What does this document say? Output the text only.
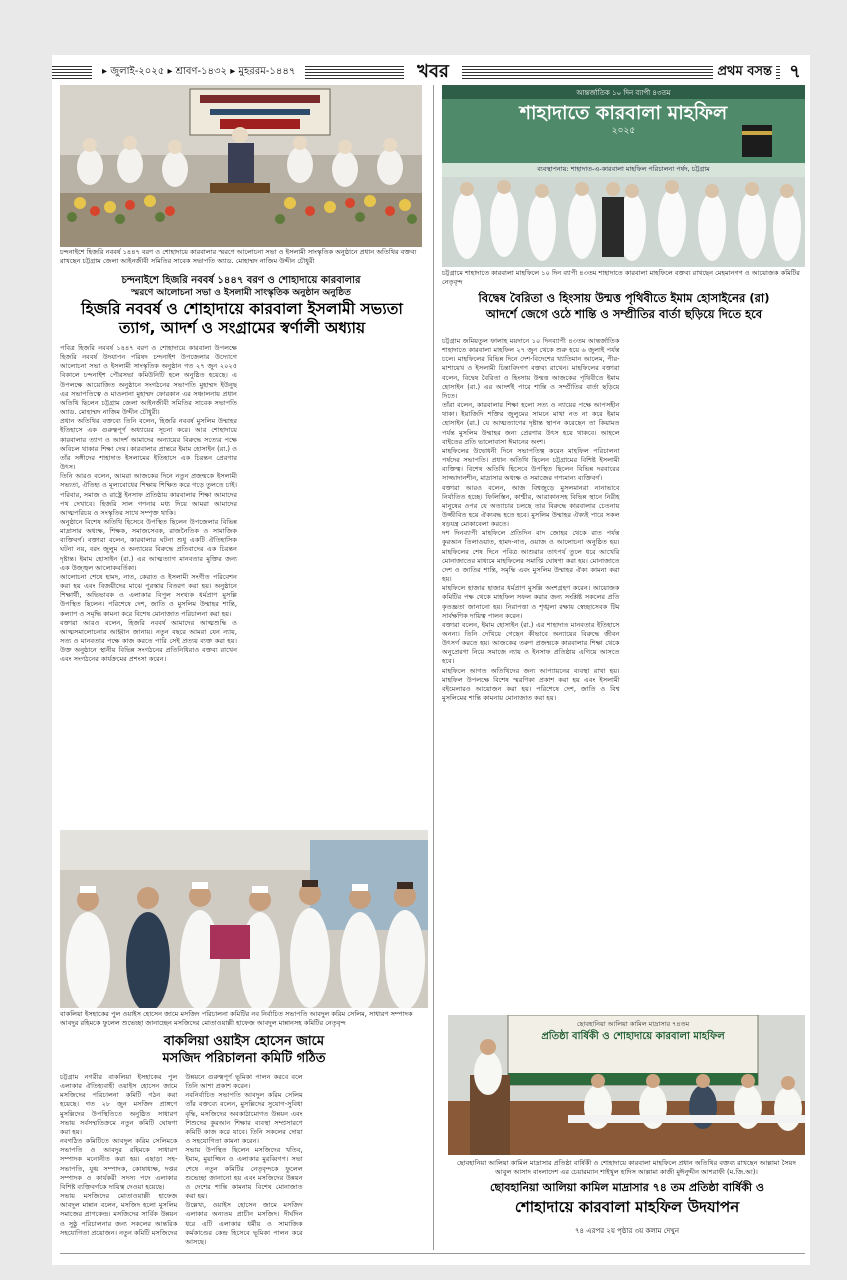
▸ জুলাই-২০২৫ ▸ শ্রাবণ-১৪৩২ ▸ মুহররম-১৪৪৭	খবর	প্রথম বসন্ত ৭
চন্দনাইশে হিজরি নববর্ষ ১৪৪৭ বরণ ও শোহাদায়ে কারবালার স্মরণে আলোচনা সভা ও ইসলামী সাংস্কৃতিক অনুষ্ঠানে প্রধান অতিথির বক্তব্য রাখছেন চট্টগ্রাম জেলা আইনজীবী সমিতির সাবেক সভাপতি অ্যাড. মোহাম্মদ নাজিম উদ্দীন চৌধুরী
চন্দনাইশে হিজরি নববর্ষ ১৪৪৭ বরণ ও শোহাদায়ে কারবালার
স্মরণে আলোচনা সভা ও ইসলামী সাংস্কৃতিক অনুষ্ঠান অনুষ্ঠিত
হিজরি নববর্ষ ও শোহাদায়ে কারবালা ইসলামী সভ্যতা
ত্যাগ, আদর্শ ও সংগ্রামের স্বর্ণালী অধ্যায়

পবিত্র হিজরি নববর্ষ ১৪৪৭ বরণ ও শোহাদায়ে কারবালা উপলক্ষে হিজরি নববর্ষ উদযাপন পরিষদ চন্দনাইশ উপজেলার উদ্যোগে আলোচনা সভা ও ইসলামী সাংস্কৃতিক অনুষ্ঠান গত ২৭ জুন ২০২৫ বিকালে চন্দনাইশ পৌরসভা কমিউনিটি হলে অনুষ্ঠিত হয়েছে। এ উপলক্ষে আয়োজিত অনুষ্ঠানে সংগঠনের সভাপতি মুহাম্মদ ইউনুছ এর সভাপতিত্বে ও মাওলানা মুহাম্মদ ফোরকান এর সঞ্চালনায় প্রধান অতিথি ছিলেন চট্টগ্রাম জেলা আইনজীবী সমিতির সাবেক সভাপতি অ্যাড. মোহাম্মদ নাজিম উদ্দীন চৌধুরী।

প্রধান অতিথির বক্তব্যে তিনি বলেন, হিজরি নববর্ষ মুসলিম উম্মাহর ইতিহাসে এক গুরুত্বপূর্ণ অধ্যায়ের সূচনা করে। আর শোহাদায়ে কারবালার ত্যাগ ও আদর্শ আমাদের অন্যায়ের বিরুদ্ধে সত্যের পক্ষে অবিচল থাকার শিক্ষা দেয়। কারবালার প্রান্তরে ইমাম হোসাইন (রা.) ও তাঁর সঙ্গীদের শাহাদাত ইসলামের ইতিহাসে এক চিরন্তন প্রেরণার উৎস।

তিনি আরও বলেন, আমরা আজকের দিনে নতুন প্রজন্মকে ইসলামী সভ্যতা, ঐতিহ্য ও মূল্যবোধের শিক্ষায় শিক্ষিত করে গড়ে তুলতে চাই। পরিবার, সমাজ ও রাষ্ট্রে ইনসাফ প্রতিষ্ঠায় কারবালার শিক্ষা আমাদের পথ দেখাবে। হিজরি সাল গণনার মধ্য দিয়ে আমরা আমাদের আত্মপরিচয় ও সংস্কৃতির সাথে সম্পৃক্ত থাকি।

অনুষ্ঠানে বিশেষ অতিথি হিসেবে উপস্থিত ছিলেন উপজেলার বিভিন্ন মাদ্রাসার অধ্যক্ষ, শিক্ষক, সমাজসেবক, রাজনৈতিক ও সামাজিক ব্যক্তিবর্গ। বক্তারা বলেন, কারবালার ঘটনা শুধু একটি ঐতিহাসিক ঘটনা নয়, বরং জুলুম ও অন্যায়ের বিরুদ্ধে প্রতিবাদের এক চিরন্তন দৃষ্টান্ত। ইমাম হোসাইন (রা.) এর আত্মত্যাগ মানবতার মুক্তির জন্য এক উজ্জ্বল আলোকবর্তিকা।

আলোচনা শেষে হামদ, নাত, কেরাত ও ইসলামী সংগীত পরিবেশন করা হয় এবং বিজয়ীদের মাঝে পুরস্কার বিতরণ করা হয়। অনুষ্ঠানে শিক্ষার্থী, অভিভাবক ও এলাকার বিপুল সংখ্যক ধর্মপ্রাণ মুসল্লি উপস্থিত ছিলেন। পরিশেষে দেশ, জাতি ও মুসলিম উম্মাহর শান্তি, কল্যাণ ও সমৃদ্ধি কামনা করে বিশেষ মোনাজাত পরিচালনা করা হয়।

বক্তারা আরও বলেন, হিজরি নববর্ষ আমাদের আত্মশুদ্ধি ও আত্মসমালোচনার আহ্বান জানায়। নতুন বছরে আমরা যেন ন্যায়, সত্য ও মানবতার পক্ষে কাজ করতে পারি সেই প্রত্যয় ব্যক্ত করা হয়। উক্ত অনুষ্ঠানে স্থানীয় বিভিন্ন সংগঠনের প্রতিনিধিরাও বক্তব্য রাখেন এবং সংগঠনের কার্যক্রমের প্রশংসা করেন।

আন্তর্জাতিক ১০ দিন ব্যাপী ৪৩তম
শাহাদাতে কারবালা মাহফিল
২০২৫
ব্যবস্থাপনায়: শাহাদাত-এ-কারবালা মাহফিল পরিচালনা পর্ষদ, চট্টগ্রাম
চট্টগ্রামে শাহাদাতে কারবালা মাহফিলে ১০ দিন ব্যাপী ৪৩তম শাহাদাতে কারবালা মাহফিলে বক্তব্য রাখছেন মেহমানগণ ও আয়োজক কমিটির নেতৃবৃন্দ
বিদ্বেষ বৈরিতা ও হিংসায় উন্মত্ত পৃথিবীতে ইমাম হোসাইনের (রা)
আদর্শে জেগে ওঠে শান্তি ও সম্প্রীতির বার্তা ছড়িয়ে দিতে হবে

চট্টগ্রাম জমিয়তুল ফালাহ ময়দানে ১০ দিনব্যাপী ৪৩তম আন্তর্জাতিক শাহাদাতে কারবালা মাহফিল ২৭ জুন থেকে শুরু হয়ে ৬ জুলাই পর্যন্ত চলে। মাহফিলের বিভিন্ন দিনে দেশ-বিদেশের খ্যাতিমান আলেম, পীর-মাশায়েখ ও ইসলামী চিন্তাবিদগণ বক্তব্য রাখেন। মাহফিলের বক্তারা বলেন, বিদ্বেষ বৈরিতা ও হিংসায় উন্মত্ত আজকের পৃথিবীতে ইমাম হোসাইন (রা.) এর আদর্শই পারে শান্তি ও সম্প্রীতির বার্তা ছড়িয়ে দিতে।

তাঁরা বলেন, কারবালার শিক্ষা হলো সত্য ও ন্যায়ের পক্ষে আপসহীন থাকা। ইয়াজিদি শক্তির জুলুমের সামনে মাথা নত না করে ইমাম হোসাইন (রা.) যে আত্মত্যাগের দৃষ্টান্ত স্থাপন করেছেন তা কিয়ামত পর্যন্ত মুসলিম উম্মাহর জন্য প্রেরণার উৎস হয়ে থাকবে। আহলে বাইতের প্রতি ভালোবাসা ঈমানের অংশ।

মাহফিলের উদ্বোধনী দিনে সভাপতিত্ব করেন মাহফিল পরিচালনা পর্ষদের সভাপতি। প্রধান অতিথি ছিলেন চট্টগ্রামের বিশিষ্ট ইসলামী ব্যক্তিত্ব। বিশেষ অতিথি হিসেবে উপস্থিত ছিলেন বিভিন্ন দরবারের সাজ্জাদানশীন, মাদ্রাসার অধ্যক্ষ ও সমাজের গণ্যমান্য ব্যক্তিবর্গ।

বক্তারা আরও বলেন, আজ বিশ্বজুড়ে মুসলমানরা নানাভাবে নির্যাতিত হচ্ছে। ফিলিস্তিন, কাশ্মীর, আরাকানসহ বিভিন্ন স্থানে নিরীহ মানুষের ওপর যে অত্যাচার চলছে তার বিরুদ্ধে কারবালার চেতনায় উজ্জীবিত হয়ে ঐক্যবদ্ধ হতে হবে। মুসলিম উম্মাহর ঐক্যই পারে সকল ষড়যন্ত্র মোকাবেলা করতে।

দশ দিনব্যাপী মাহফিলে প্রতিদিন বাদ জোহর থেকে রাত পর্যন্ত কুরআন তিলাওয়াত, হামদ-নাত, ওয়াজ ও আলোচনা অনুষ্ঠিত হয়। মাহফিলের শেষ দিনে পবিত্র আশুরার তাৎপর্য তুলে ধরে আখেরি মোনাজাতের মাধ্যমে মাহফিলের সমাপ্তি ঘোষণা করা হয়। মোনাজাতে দেশ ও জাতির শান্তি, সমৃদ্ধি এবং মুসলিম উম্মাহর ঐক্য কামনা করা হয়।

মাহফিলে হাজার হাজার ধর্মপ্রাণ মুসল্লি অংশগ্রহণ করেন। আয়োজক কমিটির পক্ষ থেকে মাহফিল সফল করার জন্য সংশ্লিষ্ট সকলের প্রতি কৃতজ্ঞতা জানানো হয়। নিরাপত্তা ও শৃঙ্খলা রক্ষায় স্বেচ্ছাসেবক টিম সার্বক্ষণিক দায়িত্ব পালন করেন।

বক্তারা বলেন, ইমাম হোসাইন (রা.) এর শাহাদাত মানবতার ইতিহাসে অনন্য। তিনি দেখিয়ে গেছেন কীভাবে অন্যায়ের বিরুদ্ধে জীবন উৎসর্গ করতে হয়। আজকের তরুণ প্রজন্মকে কারবালার শিক্ষা থেকে অনুপ্রেরণা নিয়ে সমাজে ন্যায় ও ইনসাফ প্রতিষ্ঠায় এগিয়ে আসতে হবে।

মাহফিলে আগত অতিথিদের জন্য আপ্যায়নের ব্যবস্থা রাখা হয়। মাহফিল উপলক্ষে বিশেষ স্মরণিকা প্রকাশ করা হয় এবং ইসলামী বইমেলারও আয়োজন করা হয়। পরিশেষে দেশ, জাতি ও বিশ্ব মুসলিমের শান্তি কামনায় মোনাজাত করা হয়।

বাকলিয়া ইসহাকের পুল ওয়াইস হোসেন জামে মসজিদ পরিচালনা কমিটির নব নির্বাচিত সভাপতি আবদুল করিম সেলিম, সাধারণ সম্পাদক আবদুর রহিমকে ফুলেল শুভেচ্ছা জানাচ্ছেন মসজিদের মোতাওয়াল্লী হাফেজ আবদুল মান্নানসহ কমিটির নেতৃবৃন্দ
বাকলিয়া ওয়াইস হোসেন জামে
মসজিদ পরিচালনা কমিটি গঠিত

চট্টগ্রাম নগরীর বাকলিয়া ইসহাকের পুল এলাকার ঐতিহ্যবাহী ওয়াইস হোসেন জামে মসজিদের পরিচালনা কমিটি গঠন করা হয়েছে। গত ২৮ জুন মসজিদ প্রাঙ্গণে মুসল্লিদের উপস্থিতিতে অনুষ্ঠিত সাধারণ সভায় সর্বসম্মতিক্রমে নতুন কমিটি ঘোষণা করা হয়।

নবগঠিত কমিটিতে আবদুল করিম সেলিমকে সভাপতি ও আবদুর রহিমকে সাধারণ সম্পাদক মনোনীত করা হয়। এছাড়া সহ-সভাপতি, যুগ্ম সম্পাদক, কোষাধ্যক্ষ, দপ্তর সম্পাদক ও কার্যকরী সদস্য পদে এলাকার বিশিষ্ট ব্যক্তিবর্গকে দায়িত্ব দেওয়া হয়েছে।

সভায় মসজিদের মোতাওয়াল্লী হাফেজ আবদুল মান্নান বলেন, মসজিদ হলো মুসলিম সমাজের প্রাণকেন্দ্র। মসজিদের সার্বিক উন্নয়ন ও সুষ্ঠু পরিচালনার জন্য সকলের আন্তরিক সহযোগিতা প্রয়োজন। নতুন কমিটি মসজিদের উন্নয়নে গুরুত্বপূর্ণ ভূমিকা পালন করবে বলে তিনি আশা প্রকাশ করেন।

নবনির্বাচিত সভাপতি আবদুল করিম সেলিম তাঁর বক্তব্যে বলেন, মুসল্লিদের সুযোগ-সুবিধা বৃদ্ধি, মসজিদের অবকাঠামোগত উন্নয়ন এবং শিশুদের কুরআন শিক্ষার ব্যবস্থা সম্প্রসারণে কমিটি কাজ করে যাবে। তিনি সকলের দোয়া ও সহযোগিতা কামনা করেন।

সভায় উপস্থিত ছিলেন মসজিদের খতিব, ইমাম, মুয়াজ্জিন ও এলাকার মুরব্বিগণ। সভা শেষে নতুন কমিটির নেতৃবৃন্দকে ফুলেল শুভেচ্ছা জানানো হয় এবং মসজিদের উন্নয়ন ও দেশের শান্তি কামনায় বিশেষ মোনাজাত করা হয়।

উল্লেখ্য, ওয়াইস হোসেন জামে মসজিদ এলাকার অন্যতম প্রাচীন মসজিদ। দীর্ঘদিন ধরে এটি এলাকার ধর্মীয় ও সামাজিক কর্মকাণ্ডের কেন্দ্র হিসেবে ভূমিকা পালন করে আসছে।

ছোবহানিয়া আলিয়া কামিল মাদ্রাসার ৭৪তম
প্রতিষ্ঠা বার্ষিকী ও শোহাদায়ে কারবালা মাহফিল
ছোবহানিয়া আলিয়া কামিল মাদ্রাসার প্রতিষ্ঠা বার্ষিকী ও শোহাদায়ে কারবালা মাহফিলে প্রধান অতিথির বক্তব্য রাখছেন আল্লামা সৈয়দ আবুল আসাদ বাংলাদেশ এর চেয়ারম্যান শাইখুল হাদিস আল্লামা কাজী মুঈনুদ্দীন আশরাফী (ম.জি.আ)।
ছোবহানিয়া আলিয়া কামিল মাদ্রাসার ৭৪ তম প্রতিষ্ঠা বার্ষিকী ও
শোহাদায়ে কারবালা মাহফিল উদযাপন
৭৪ এরপর ২য় পৃষ্ঠার ৩য় কলাম দেখুন
